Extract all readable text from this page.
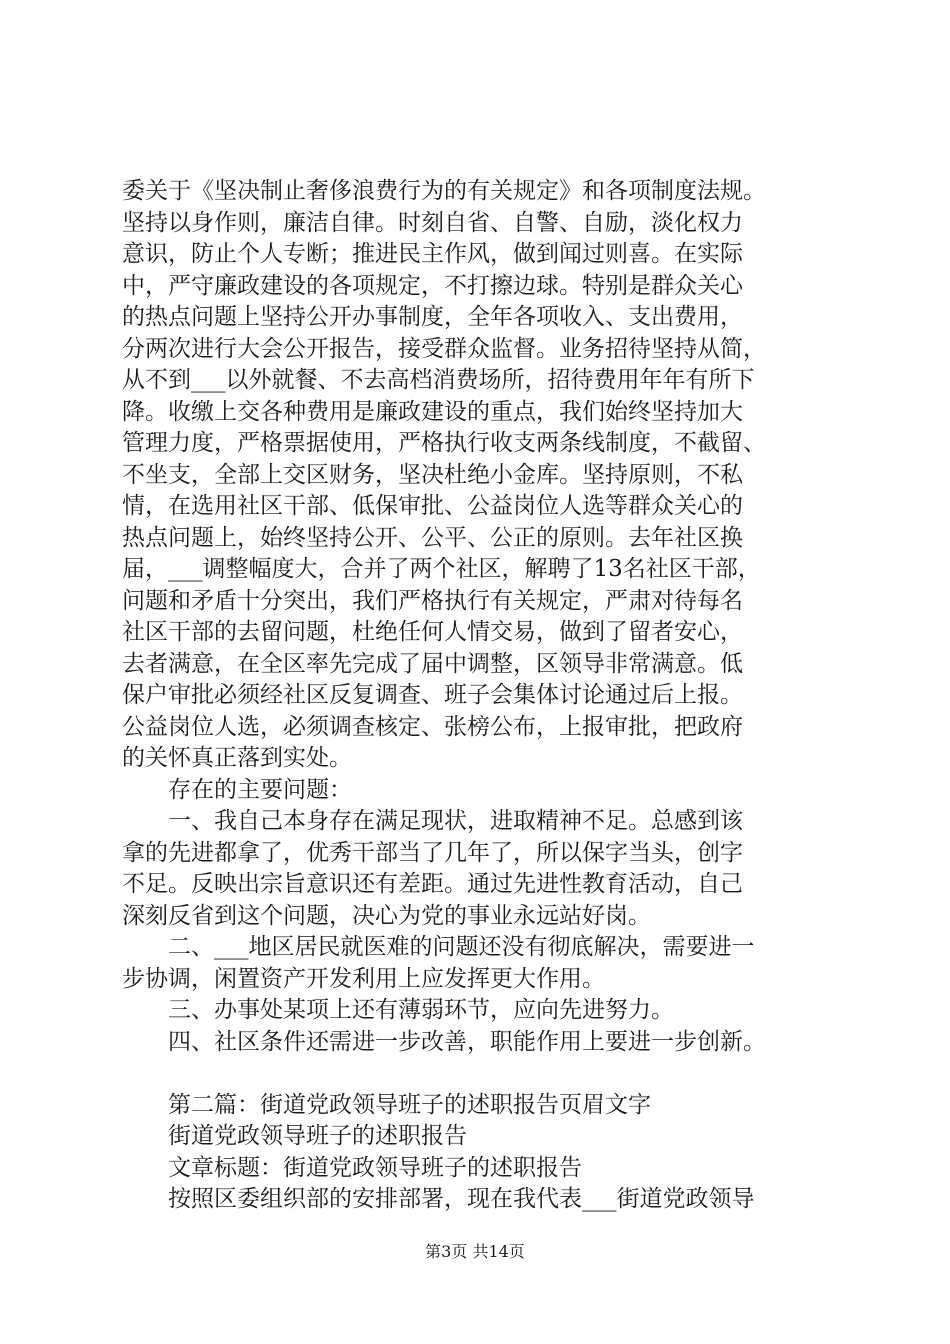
委关于《坚决制止奢侈浪费行为的有关规定》和各项制度法规。
坚持以身作则，廉洁自律。时刻自省、自警、自励，淡化权力
意识，防止个人专断；推进民主作风，做到闻过则喜。在实际
中，严守廉政建设的各项规定，不打擦边球。特别是群众关心
的热点问题上坚持公开办事制度，全年各项收入、支出费用，
分两次进行大会公开报告，接受群众监督。业务招待坚持从简，
从不到___以外就餐、不去高档消费场所，招待费用年年有所下
降。收缴上交各种费用是廉政建设的重点，我们始终坚持加大
管理力度，严格票据使用，严格执行收支两条线制度，不截留、
不坐支，全部上交区财务，坚决杜绝小金库。坚持原则，不私
情，在选用社区干部、低保审批、公益岗位人选等群众关心的
热点问题上，始终坚持公开、公平、公正的原则。去年社区换
届，___调整幅度大，合并了两个社区，解聘了13名社区干部，
问题和矛盾十分突出，我们严格执行有关规定，严肃对待每名
社区干部的去留问题，杜绝任何人情交易，做到了留者安心，
去者满意，在全区率先完成了届中调整，区领导非常满意。低
保户审批必须经社区反复调查、班子会集体讨论通过后上报。
公益岗位人选，必须调查核定、张榜公布，上报审批，把政府
的关怀真正落到实处。
　　存在的主要问题：
　　一、我自己本身存在满足现状，进取精神不足。总感到该
拿的先进都拿了，优秀干部当了几年了，所以保字当头，创字
不足。反映出宗旨意识还有差距。通过先进性教育活动，自己
深刻反省到这个问题，决心为党的事业永远站好岗。
　　二、___地区居民就医难的问题还没有彻底解决，需要进一
步协调，闲置资产开发利用上应发挥更大作用。
　　三、办事处某项上还有薄弱环节，应向先进努力。
　　四、社区条件还需进一步改善，职能作用上要进一步创新。
　　第二篇：街道党政领导班子的述职报告页眉文字
　　街道党政领导班子的述职报告
　　文章标题：街道党政领导班子的述职报告
　　按照区委组织部的安排部署，现在我代表___街道党政领导
第3页 共14页
